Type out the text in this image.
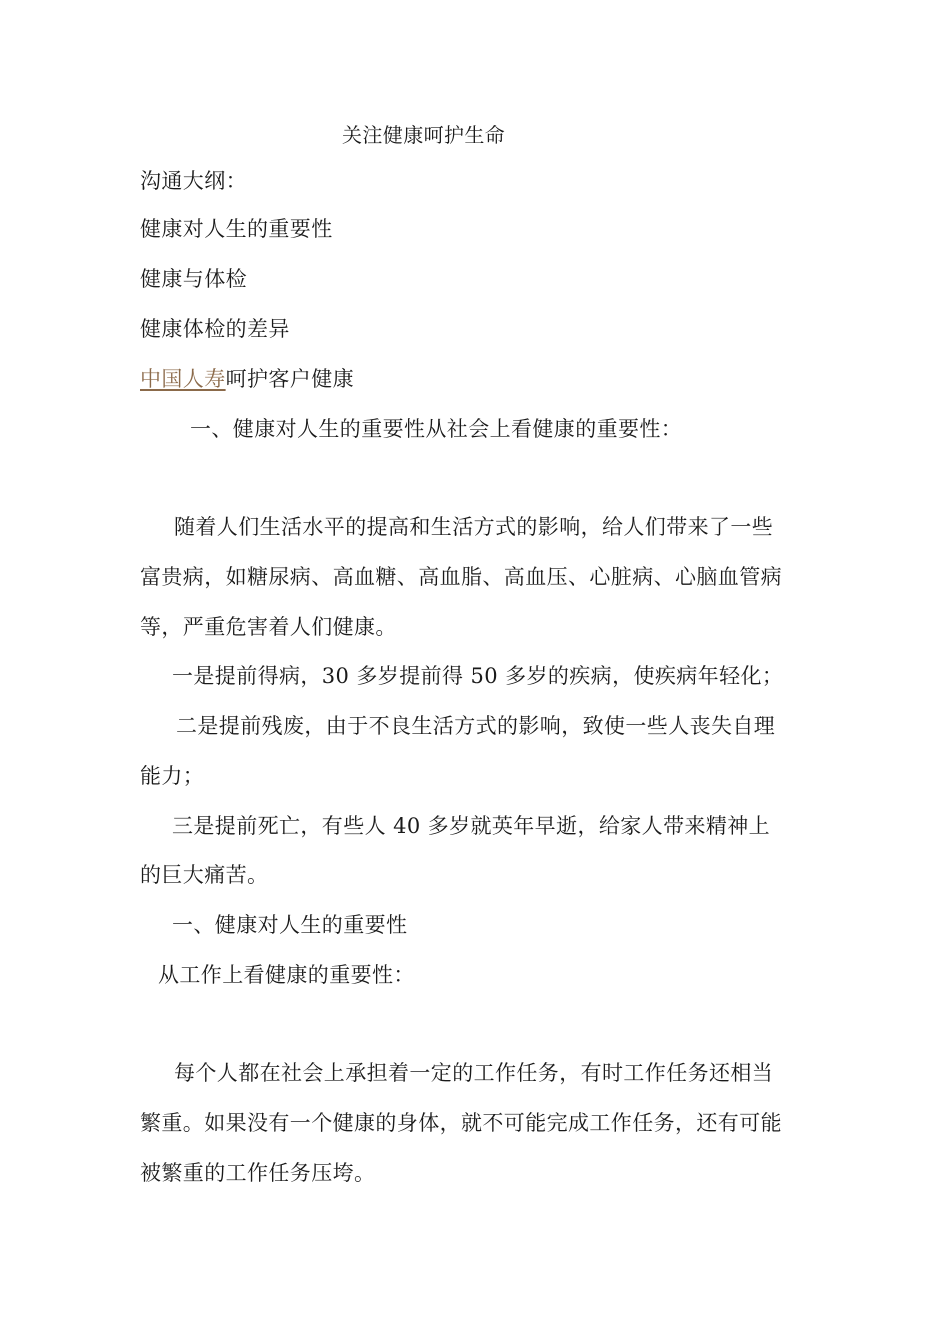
关注健康呵护生命

沟通大纲：

健康对人生的重要性

健康与体检

健康体检的差异

中国人寿呵护客户健康

一、健康对人生的重要性从社会上看健康的重要性：

随着人们生活水平的提高和生活方式的影响，给人们带来了一些

富贵病，如糖尿病、高血糖、高血脂、高血压、心脏病、心脑血管病

等，严重危害着人们健康。

一是提前得病，30 多岁提前得 50 多岁的疾病，使疾病年轻化；

二是提前残废，由于不良生活方式的影响，致使一些人丧失自理

能力；

三是提前死亡，有些人 40 多岁就英年早逝，给家人带来精神上

的巨大痛苦。

一、健康对人生的重要性

从工作上看健康的重要性：

每个人都在社会上承担着一定的工作任务，有时工作任务还相当

繁重。如果没有一个健康的身体，就不可能完成工作任务，还有可能

被繁重的工作任务压垮。
